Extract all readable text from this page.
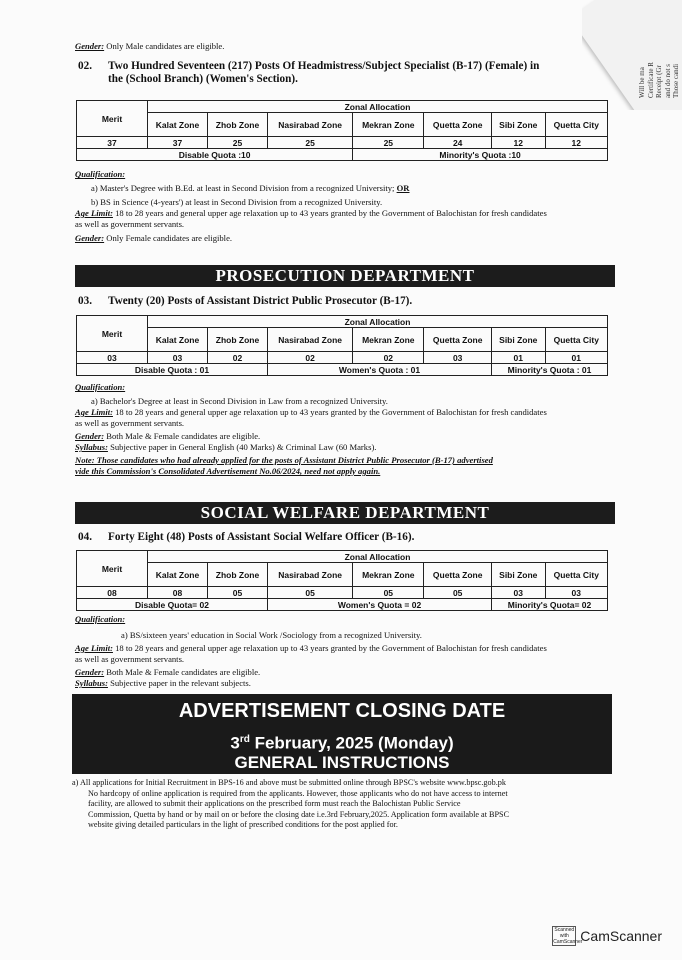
Will be ma Certificate R Receipt (Gr and do not s Those candi
Gender: Only Male candidates are eligible.
02. Two Hundred Seventeen (217) Posts Of Headmistress/Subject Specialist (B-17) (Female) in
the (School Branch) (Women's Section).
Merit	Zonal Allocation						
	Kalat Zone	Zhob Zone	Nasirabad Zone	Mekran Zone	Quetta Zone	Sibi Zone	Quetta City
37	37	25	25	25	24	12	12
Disable Quota :10				Minority's Quota :10			
Qualification:
a) Master's Degree with B.Ed. at least in Second Division from a recognized University; OR
b) BS in Science (4-years') at least in Second Division from a recognized University.
Age Limit: 18 to 28 years and general upper age relaxation up to 43 years granted by the Government of Balochistan for fresh candidates
as well as government servants.
Gender: Only Female candidates are eligible.
PROSECUTION DEPARTMENT
03. Twenty (20) Posts of Assistant District Public Prosecutor (B-17).
Merit	Zonal Allocation						
	Kalat Zone	Zhob Zone	Nasirabad Zone	Mekran Zone	Quetta Zone	Sibi Zone	Quetta City
03	03	02	02	02	03	01	01
Disable Quota : 01			Women's Quota : 01			Minority's Quota : 01	
Qualification:
a) Bachelor's Degree at least in Second Division in Law from a recognized University.
Age Limit: 18 to 28 years and general upper age relaxation up to 43 years granted by the Government of Balochistan for fresh candidates
as well as government servants.
Gender: Both Male & Female candidates are eligible.
Syllabus: Subjective paper in General English (40 Marks) & Criminal Law (60 Marks).
Note: Those candidates who had already applied for the posts of Assistant District Public Prosecutor (B-17) advertised
vide this Commission's Consolidated Advertisement No.06/2024, need not apply again.
SOCIAL WELFARE DEPARTMENT
04. Forty Eight (48) Posts of Assistant Social Welfare Officer (B-16).
Merit	Zonal Allocation						
	Kalat Zone	Zhob Zone	Nasirabad Zone	Mekran Zone	Quetta Zone	Sibi Zone	Quetta City
08	08	05	05	05	05	03	03
Disable Quota= 02			Women's Quota = 02			Minority's Quota= 02	
Qualification:
a) BS/sixteen years' education in Social Work /Sociology from a recognized University.
Age Limit: 18 to 28 years and general upper age relaxation up to 43 years granted by the Government of Balochistan for fresh candidates
as well as government servants.
Gender: Both Male & Female candidates are eligible.
Syllabus: Subjective paper in the relevant subjects.
ADVERTISEMENT CLOSING DATE
3rd February, 2025 (Monday)
GENERAL INSTRUCTIONS
a) All applications for Initial Recruitment in BPS-16 and above must be submitted online through BPSC's website www.bpsc.gob.pk
No hardcopy of online application is required from the applicants. However, those applicants who do not have access to internet
facility, are allowed to submit their applications on the prescribed form must reach the Balochistan Public Service
Commission, Quetta by hand or by mail on or before the closing date i.e.3rd February,2025. Application form available at BPSC
website giving detailed particulars in the light of prescribed conditions for the post applied for.
Scanned with CamScanner
CamScanner
